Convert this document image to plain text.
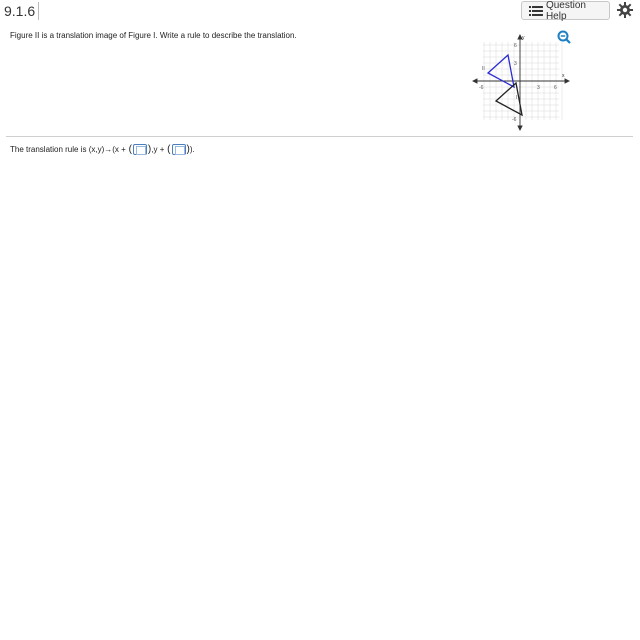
9.1.6	Question Help
Figure II is a translation image of Figure I. Write a rule to describe the translation.
x
y
-6	3	6
6
3
-6
II
I
The translation rule is (x,y)→(x + ( ) ,y + ( ) ).
